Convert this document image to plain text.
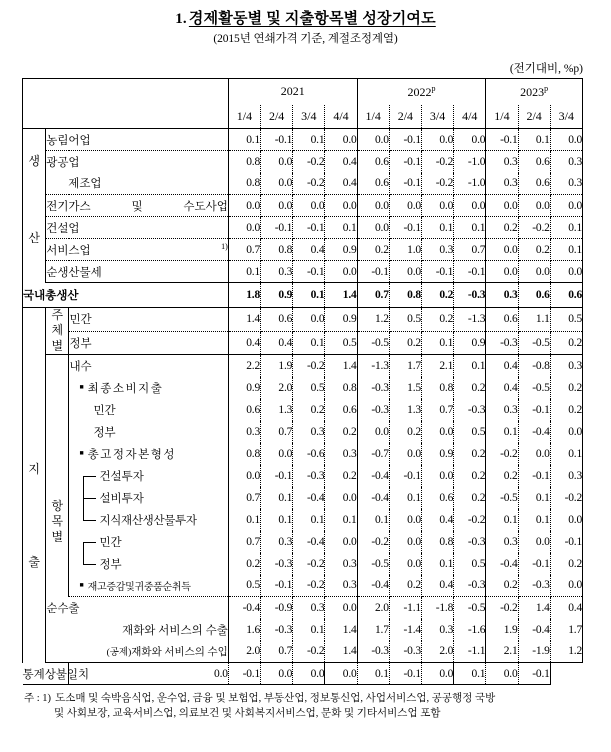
1. 경제활동별 및 지출항목별 성장기여도
(2015년 연쇄가격 기준, 계절조정계열)
(전기대비, %p)
			2021				2022$^p$				2023$^p$
			1/4	2/4	3/4	4/4	1/4	2/4	3/4	4/4	1/4	2/4	3/4

생	농림어업		0.1	-0.1	0.1	0.0	0.0	-0.1	0.0	0.0	-0.1	0.1	0.0

	광공업		0.8	0.0	-0.2	0.4	0.6	-0.1	-0.2	-1.0	0.3	0.6	0.3

	제조업		0.8	0.0	-0.2	0.4	0.6	-0.1	-0.2	-1.0	0.3	0.6	0.3

산	전기가스 및 수도사업		0.0	0.0	0.0	0.0	0.0	0.0	0.0	0.0	0.0	0.0	0.0

	건설업		0.0	-0.1	-0.1	0.1	0.0	-0.1	0.1	0.1	0.2	-0.2	0.1

	서비스업 1)		0.7	0.8	0.4	0.9	0.2	1.0	0.3	0.7	0.0	0.2	0.1

	순생산물세		0.1	0.3	-0.1	0.0	-0.1	0.0	-0.1	-0.1	0.0	0.0	0.0

국내총생산			1.8	0.9	0.1	1.4	0.7	0.8	0.2	-0.3	0.3	0.6	0.6

지
출	주
체
별	민간	1.4	0.6	0.0	0.9	1.2	0.5	0.2	-1.3	0.6	1.1	0.5

		정부	0.4	0.4	0.1	0.5	-0.5	0.2	0.1	0.9	-0.3	-0.5	0.2

	항
목
별	내수	2.2	1.9	-0.2	1.4	-1.3	1.7	2.1	0.1	0.4	-0.8	0.3

		■ 최종소비지출	0.9	2.0	0.5	0.8	-0.3	1.5	0.8	0.2	0.4	-0.5	0.2

		민간	0.6	1.3	0.2	0.6	-0.3	1.3	0.7	-0.3	0.3	-0.1	0.2

		정부	0.3	0.7	0.3	0.2	0.0	0.2	0.0	0.5	0.1	-0.4	0.0

		■ 총고정자본형성	0.8	0.0	-0.6	0.3	-0.7	0.0	0.9	0.2	-0.2	0.0	0.1

		건설투자	0.0	-0.1	-0.3	0.2	-0.4	-0.1	0.0	0.2	0.2	-0.1	0.3

		설비투자	0.7	0.1	-0.4	0.0	-0.4	0.1	0.6	0.2	-0.5	0.1	-0.2

		지식재산생산물투자	0.1	0.1	0.1	0.1	0.1	0.0	0.4	-0.2	0.1	0.1	0.0

		민간	0.7	0.3	-0.4	0.0	-0.2	0.0	0.8	-0.3	0.3	0.0	-0.1

		정부	0.2	-0.3	-0.2	0.3	-0.5	0.0	0.1	0.5	-0.4	-0.1	0.2

		■ 재고증감및귀중품순취득	0.5	-0.1	-0.2	0.3	-0.4	0.2	0.4	-0.3	0.2	-0.3	0.0

	순수출		-0.4	-0.9	0.3	0.0	2.0	-1.1	-1.8	-0.5	-0.2	1.4	0.4

	재화와 서비스의 수출		1.6	-0.3	0.1	1.4	1.7	-1.4	0.3	-1.6	1.9	-0.4	1.7

	(공제)재화와 서비스의 수입		2.0	0.7	-0.2	1.4	-0.3	-0.3	2.0	-1.1	2.1	-1.9	1.2

통계상불일치		0.0	-0.1	0.0	0.0	0.0	0.1	-0.1	0.0	0.1	0.0	-0.1	
주 : 1) 도소매 및 숙박음식업, 운수업, 금융 및 보험업, 부동산업, 정보통신업, 사업서비스업, 공공행정 국방
및 사회보장, 교육서비스업, 의료보건 및 사회복지서비스업, 문화 및 기타서비스업 포함
